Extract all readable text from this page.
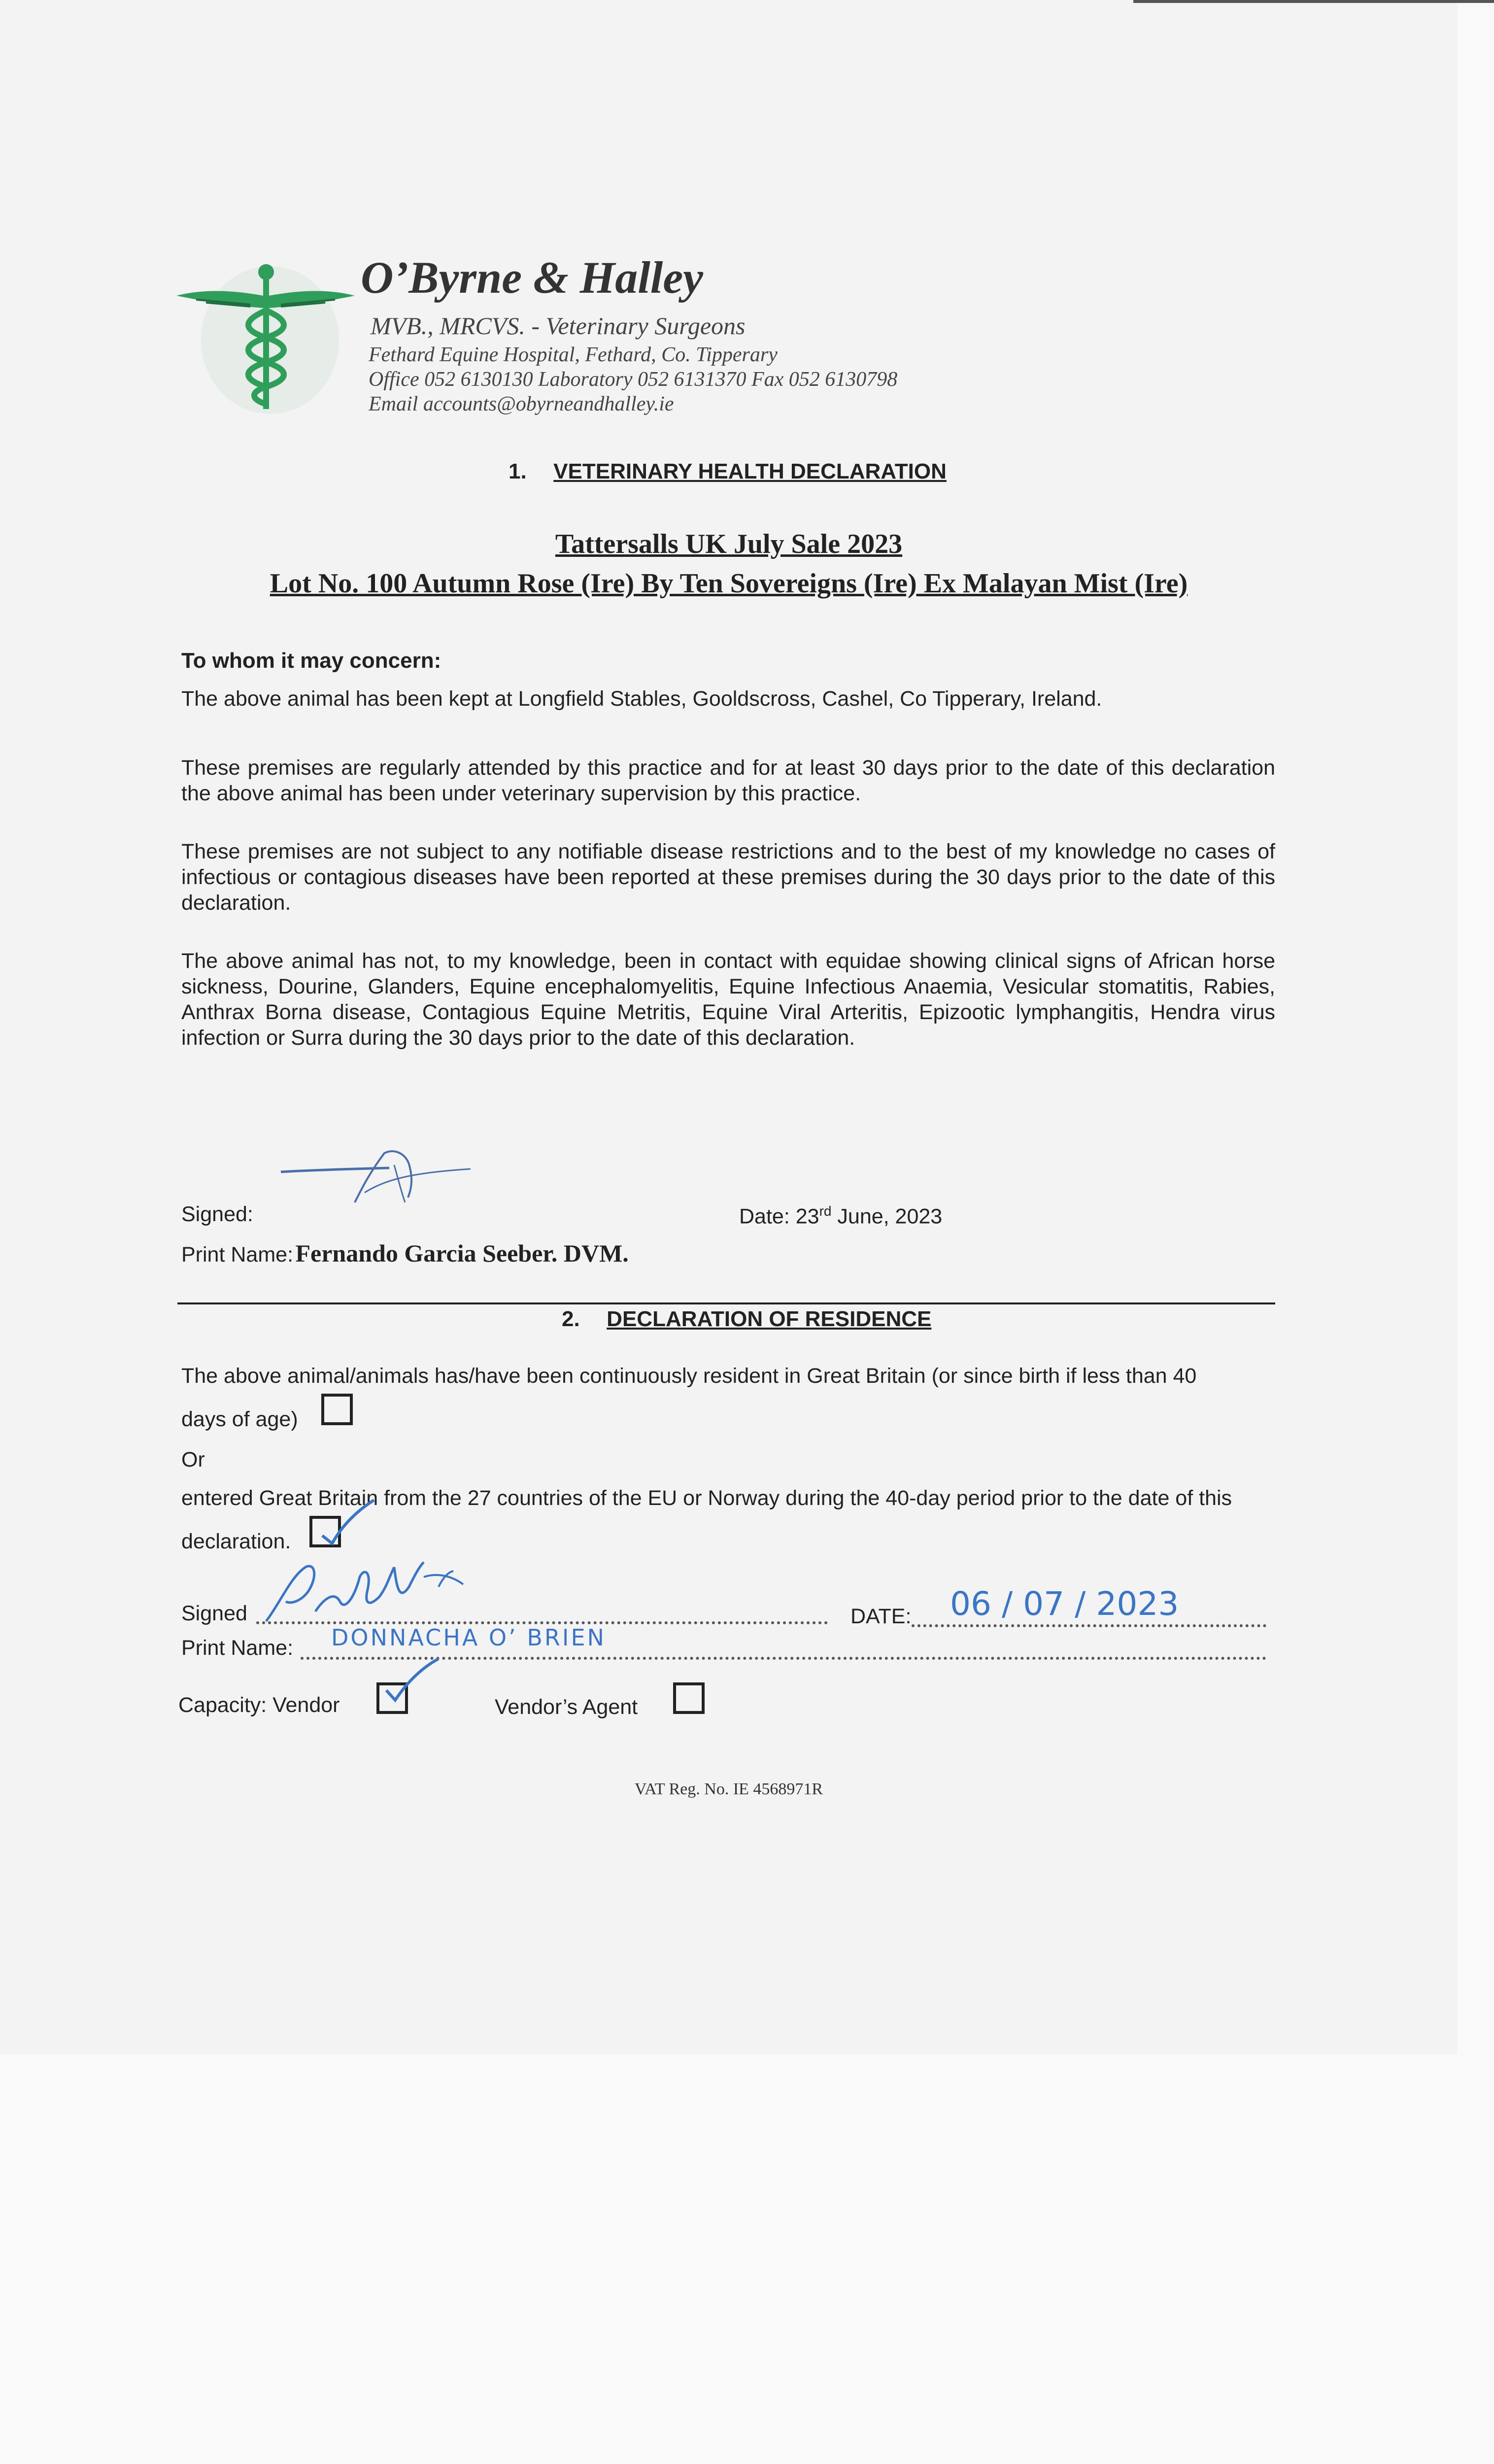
O’Byrne & Halley
MVB., MRCVS. - Veterinary Surgeons
Fethard Equine Hospital, Fethard, Co. Tipperary
Office 052 6130130 Laboratory 052 6131370 Fax 052 6130798
Email accounts@obyrneandhalley.ie
1. VETERINARY HEALTH DECLARATION
Tattersalls UK July Sale 2023
Lot No. 100 Autumn Rose (Ire) By Ten Sovereigns (Ire) Ex Malayan Mist (Ire)
To whom it may concern:
The above animal has been kept at Longfield Stables, Gooldscross, Cashel, Co Tipperary, Ireland.
These premises are regularly attended by this practice and for at least 30 days prior to the date of this declaration the above animal has been under veterinary supervision by this practice.
These premises are not subject to any notifiable disease restrictions and to the best of my knowledge no cases of infectious or contagious diseases have been reported at these premises during the 30 days prior to the date of this declaration.
The above animal has not, to my knowledge, been in contact with equidae showing clinical signs of African horse sickness, Dourine, Glanders, Equine encephalomyelitis, Equine Infectious Anaemia, Vesicular stomatitis, Rabies, Anthrax Borna disease, Contagious Equine Metritis, Equine Viral Arteritis, Epizootic lymphangitis, Hendra virus infection or Surra during the 30 days prior to the date of this declaration.
Signed:	Date: 23rd June, 2023
Print Name: Fernando Garcia Seeber. DVM.
2. DECLARATION OF RESIDENCE
The above animal/animals has/have been continuously resident in Great Britain (or since birth if less than 40
days of age)
Or
entered Great Britain from the 27 countries of the EU or Norway during the 40-day period prior to the date of this
declaration.
Signed	DATE: 06 / 07 / 2023
Print Name: DONNACHA O’ BRIEN
Capacity: Vendor	Vendor’s Agent
VAT Reg. No. IE 4568971R
